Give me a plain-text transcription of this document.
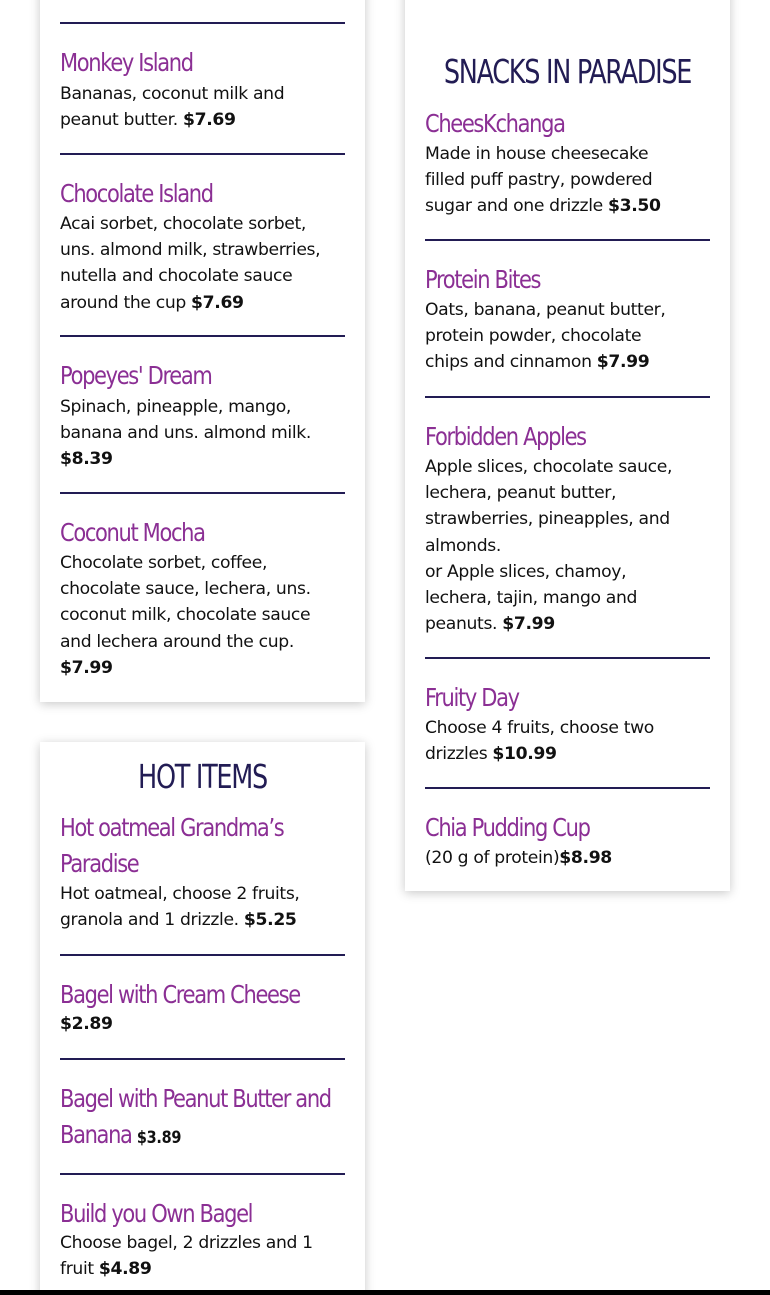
Monkey Island
Bananas, coconut milk and
peanut butter. $7.69
Chocolate Island
Acai sorbet, chocolate sorbet,
uns. almond milk, strawberries,
nutella and chocolate sauce
around the cup $7.69
Popeyes' Dream
Spinach, pineapple, mango,
banana and uns. almond milk.
$8.39
Coconut Mocha
Chocolate sorbet, coffee,
chocolate sauce, lechera, uns.
coconut milk, chocolate sauce
and lechera around the cup.
$7.99
HOT ITEMS
Hot oatmeal Grandma’s
Paradise
Hot oatmeal, choose 2 fruits,
granola and 1 drizzle. $5.25
Bagel with Cream Cheese
$2.89
Bagel with Peanut Butter and
Banana $3.89
Build you Own Bagel
Choose bagel, 2 drizzles and 1
fruit $4.89
SNACKS IN PARADISE
CheesKchanga
Made in house cheesecake
filled puff pastry, powdered
sugar and one drizzle $3.50
Protein Bites
Oats, banana, peanut butter,
protein powder, chocolate
chips and cinnamon $7.99
Forbidden Apples
Apple slices, chocolate sauce,
lechera, peanut butter,
strawberries, pineapples, and
almonds.
or Apple slices, chamoy,
lechera, tajin, mango and
peanuts. $7.99
Fruity Day
Choose 4 fruits, choose two
drizzles $10.99
Chia Pudding Cup
(20 g of protein)$8.98
